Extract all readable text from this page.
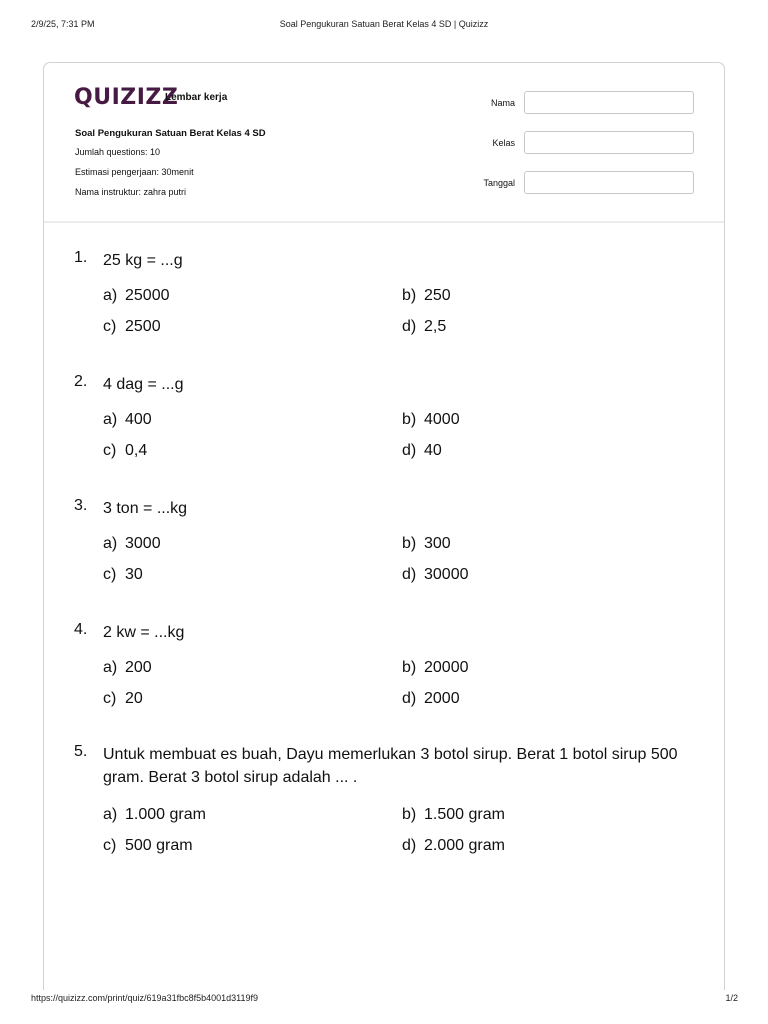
2/9/25, 7:31 PM	Soal Pengukuran Satuan Berat Kelas 4 SD | Quizizz
QUIZIZZ
Lembar kerja
Soal Pengukuran Satuan Berat Kelas 4 SD
Jumlah questions: 10
Estimasi pengerjaan: 30menit
Nama instruktur: zahra putri
Nama
Kelas
Tanggal
1. 25 kg = ...g
a) 25000	b) 250
c) 2500	d) 2,5
2. 4 dag = ...g
a) 400	b) 4000
c) 0,4	d) 40
3. 3 ton = ...kg
a) 3000	b) 300
c) 30	d) 30000
4. 2 kw = ...kg
a) 200	b) 20000
c) 20	d) 2000
5. Untuk membuat es buah, Dayu memerlukan 3 botol sirup. Berat 1 botol sirup 500 gram. Berat 3 botol sirup adalah ... .
a) 1.000 gram	b) 1.500 gram
c) 500 gram	d) 2.000 gram
https://quizizz.com/print/quiz/619a31fbc8f5b4001d3119f9	1/2
